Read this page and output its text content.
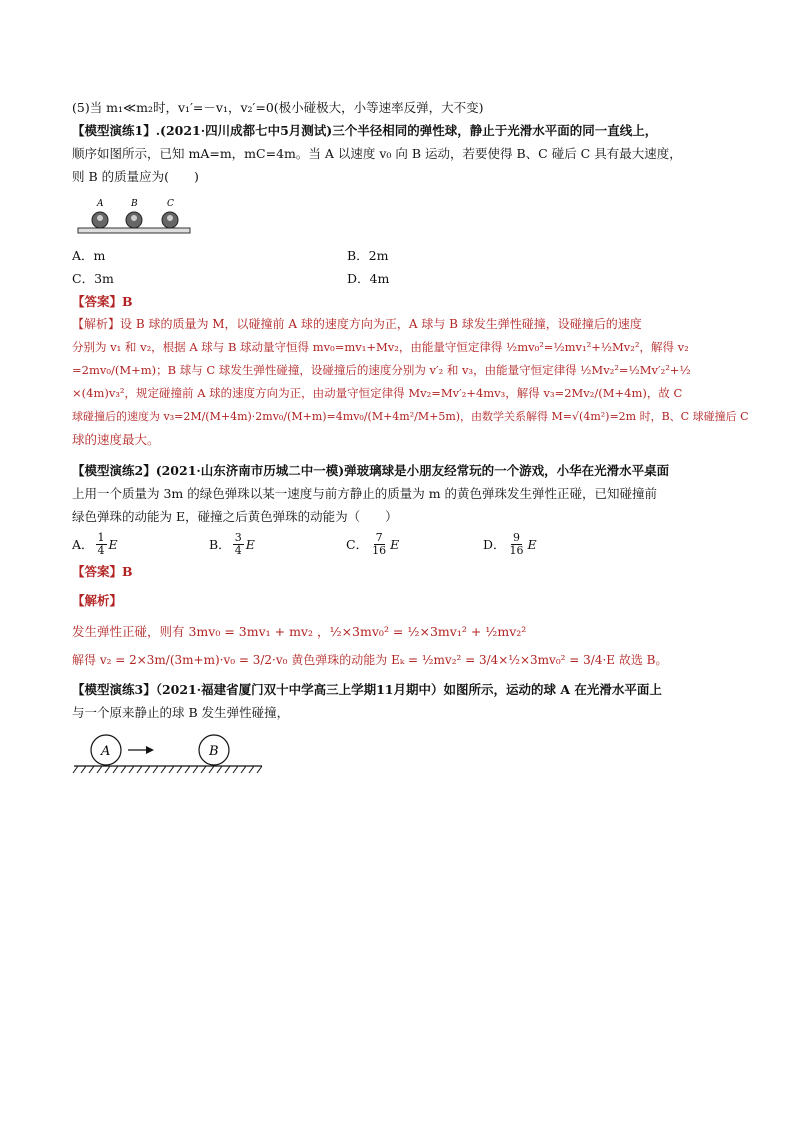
(5)当 m₁≪m₂时，v₁′=－v₁，v₂′=0(极小碰极大，小等速率反弹，大不变)
【模型演练1】.(2021·四川成都七中5月测试)三个半径相同的弹性球，静止于光滑水平面的同一直线上，
顺序如图所示，已知 mA=m，mC=4m。当 A 以速度 v₀ 向 B 运动，若要使得 B、C 碰后 C 具有最大速度，
则 B 的质量应为(　　)
A	B	C
A．m	B．2m
C．3m	D．4m
【答案】B
【解析】设 B 球的质量为 M，以碰撞前 A 球的速度方向为正，A 球与 B 球发生弹性碰撞，设碰撞后的速度
分别为 v₁ 和 v₂，根据 A 球与 B 球动量守恒得 mv₀=mv₁+Mv₂，由能量守恒定律得 ½mv₀²=½mv₁²+½Mv₂²，解得 v₂
=2mv₀/(M+m)；B 球与 C 球发生弹性碰撞，设碰撞后的速度分别为 v′₂ 和 v₃，由能量守恒定律得 ½Mv₂²=½Mv′₂²+½
×(4m)v₃²，规定碰撞前 A 球的速度方向为正，由动量守恒定律得 Mv₂=Mv′₂+4mv₃，解得 v₃=2Mv₂/(M+4m)，故 C
球碰撞后的速度为 v₃=2M/(M+4m)·2mv₀/(M+m)=4mv₀/(M+4m²/M+5m)，由数学关系解得 M=√(4m²)=2m 时，B、C 球碰撞后 C
球的速度最大。
【模型演练2】(2021·山东济南市历城二中一模)弹玻璃球是小朋友经常玩的一个游戏，小华在光滑水平桌面
上用一个质量为 3m 的绿色弹珠以某一速度与前方静止的质量为 m 的黄色弹珠发生弹性正碰，已知碰撞前
绿色弹珠的动能为 E，碰撞之后黄色弹珠的动能为（　　）
A． $\frac{1}{4}$ E	B． $\frac{3}{4}$ E	C． $\frac{7}{16}$ E	D． $\frac{9}{16}$ E
【答案】B
【解析】
发生弹性正碰，则有 3mv₀ = 3mv₁ + mv₂ ，½×3mv₀² = ½×3mv₁² + ½mv₂²
解得 v₂ = 2×3m/(3m+m)·v₀ = 3/2·v₀ 黄色弹珠的动能为 Eₖ = ½mv₂² = 3/4×½×3mv₀² = 3/4·E 故选 B。
【模型演练3】（2021·福建省厦门双十中学高三上学期11月期中）如图所示，运动的球 A 在光滑水平面上
与一个原来静止的球 B 发生弹性碰撞，
A	B
